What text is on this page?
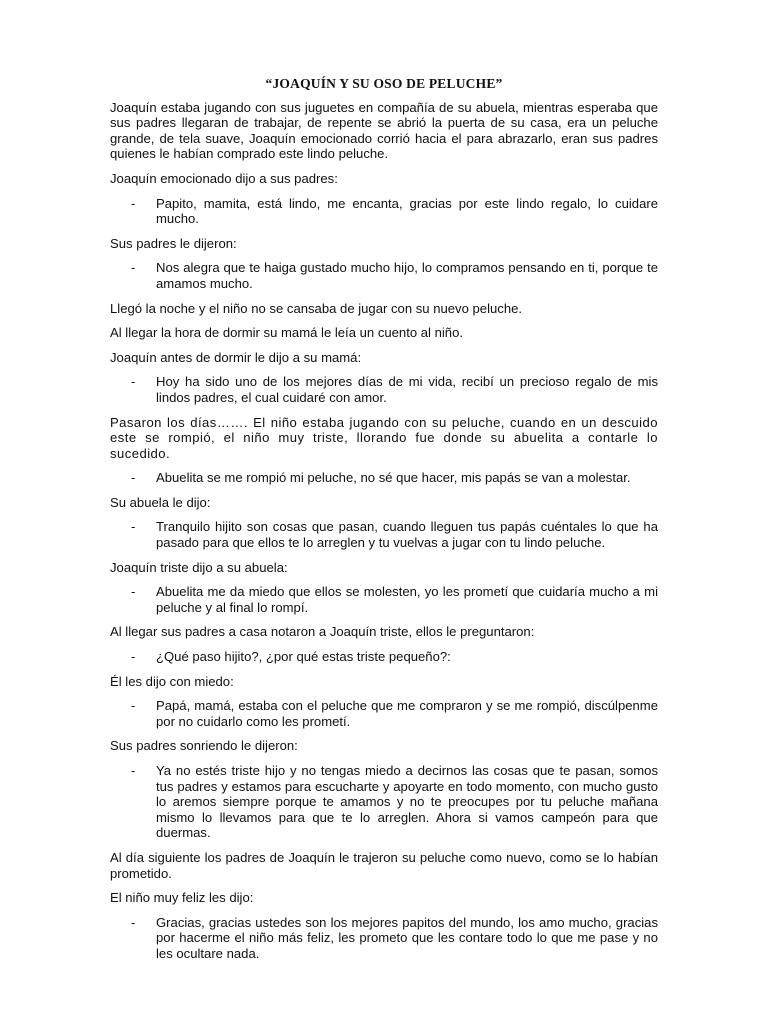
“JOAQUÍN Y SU OSO DE PELUCHE”
Joaquín estaba jugando con sus juguetes en compañía de su abuela, mientras esperaba que sus padres llegaran de trabajar, de repente se abrió la puerta de su casa, era un peluche grande, de tela suave, Joaquín emocionado corrió hacia el para abrazarlo, eran sus padres quienes le habían comprado este lindo peluche.
Joaquín emocionado dijo a sus padres:
-	Papito, mamita, está lindo, me encanta, gracias por este lindo regalo, lo cuidare mucho.
Sus padres le dijeron:
-	Nos alegra que te haiga gustado mucho hijo, lo compramos pensando en ti, porque te amamos mucho.
Llegó la noche y el niño no se cansaba de jugar con su nuevo peluche.
Al llegar la hora de dormir su mamá le leía un cuento al niño.
Joaquín antes de dormir le dijo a su mamá:
-	Hoy ha sido uno de los mejores días de mi vida, recibí un precioso regalo de mis lindos padres, el cual cuidaré con amor.
Pasaron los días……. El niño estaba jugando con su peluche, cuando en un descuido este se rompió, el niño muy triste, llorando fue donde su abuelita a contarle lo sucedido.
-	Abuelita se me rompió mi peluche, no sé que hacer, mis papás se van a molestar.
Su abuela le dijo:
-	Tranquilo hijito son cosas que pasan, cuando lleguen tus papás cuéntales lo que ha pasado para que ellos te lo arreglen y tu vuelvas a jugar con tu lindo peluche.
Joaquín triste dijo a su abuela:
-	Abuelita me da miedo que ellos se molesten, yo les prometí que cuidaría mucho a mi peluche y al final lo rompí.
Al llegar sus padres a casa notaron a Joaquín triste, ellos le preguntaron:
-	¿Qué paso hijito?, ¿por qué estas triste pequeño?:
Él les dijo con miedo:
-	Papá, mamá, estaba con el peluche que me compraron y se me rompió, discúlpenme por no cuidarlo como les prometí.
Sus padres sonriendo le dijeron:
-	Ya no estés triste hijo y no tengas miedo a decirnos las cosas que te pasan, somos tus padres y estamos para escucharte y apoyarte en todo momento, con mucho gusto lo aremos siempre porque te amamos y no te preocupes por tu peluche mañana mismo lo llevamos para que te lo arreglen. Ahora si vamos campeón para que duermas.
Al día siguiente los padres de Joaquín le trajeron su peluche como nuevo, como se lo habían prometido.
El niño muy feliz les dijo:
-	Gracias, gracias ustedes son los mejores papitos del mundo, los amo mucho, gracias por hacerme el niño más feliz, les prometo que les contare todo lo que me pase y no les ocultare nada.
